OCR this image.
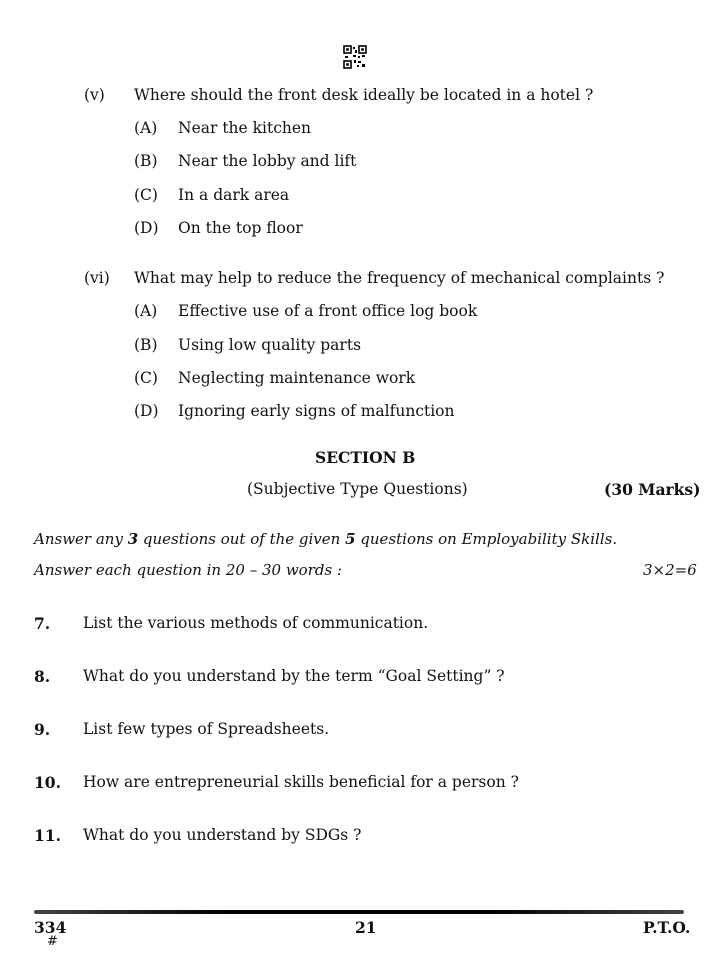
(v) Where should the front desk ideally be located in a hotel ?
(A) Near the kitchen
(B) Near the lobby and lift
(C) In a dark area
(D) On the top floor
(vi) What may help to reduce the frequency of mechanical complaints ?
(A) Effective use of a front office log book
(B) Using low quality parts
(C) Neglecting maintenance work
(D) Ignoring early signs of malfunction
SECTION B
(Subjective Type Questions)	(30 Marks)
Answer any 3 questions out of the given 5 questions on Employability Skills.
Answer each question in 20 – 30 words :	3×2=6
7. List the various methods of communication.
8. What do you understand by the term “Goal Setting” ?
9. List few types of Spreadsheets.
10. How are entrepreneurial skills beneficial for a person ?
11. What do you understand by SDGs ?
334
#
21	P.T.O.
